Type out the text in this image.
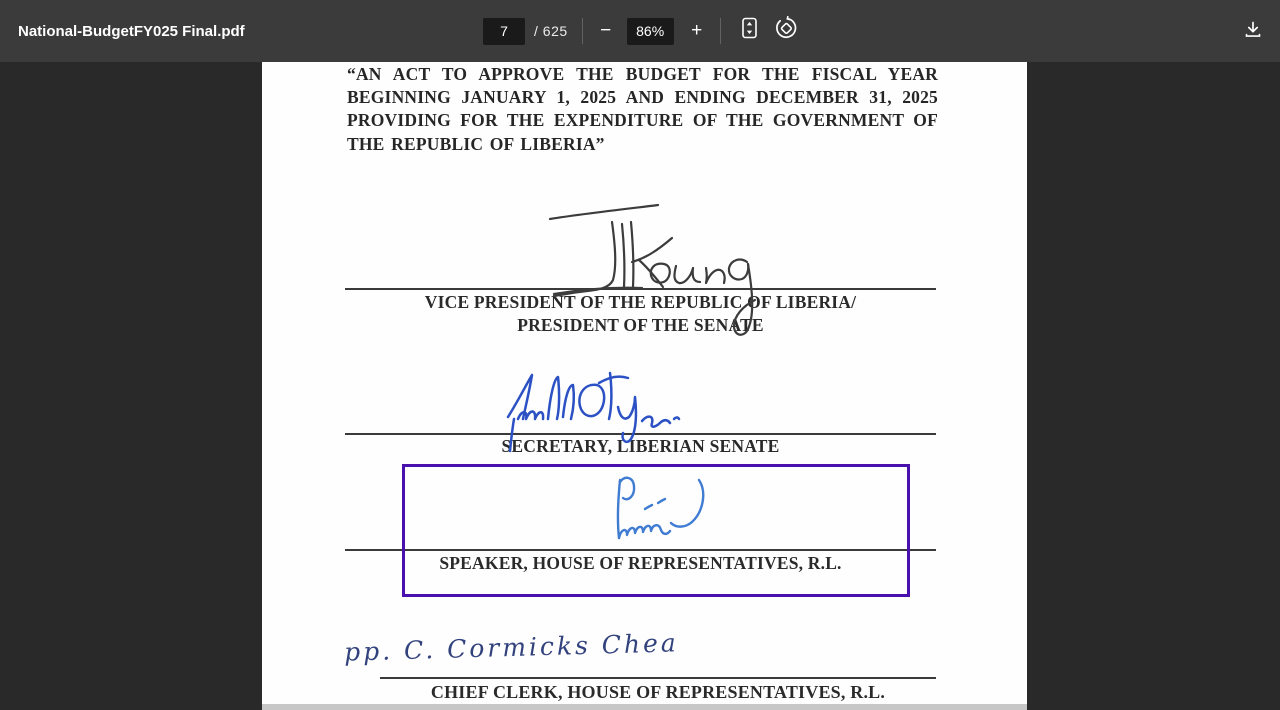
National-BudgetFY025 Final.pdf
7	/ 625	−	86%	+
“AN ACT TO APPROVE THE BUDGET FOR THE FISCAL YEAR
BEGINNING JANUARY 1, 2025 AND ENDING DECEMBER 31, 2025
PROVIDING FOR THE EXPENDITURE OF THE GOVERNMENT OF
THE REPUBLIC OF LIBERIA”
VICE PRESIDENT OF THE REPUBLIC OF LIBERIA/
PRESIDENT OF THE SENATE
SECRETARY, LIBERIAN SENATE
SPEAKER, HOUSE OF REPRESENTATIVES, R.L.
pp. C. Cormicks Chea
CHIEF CLERK, HOUSE OF REPRESENTATIVES, R.L.
